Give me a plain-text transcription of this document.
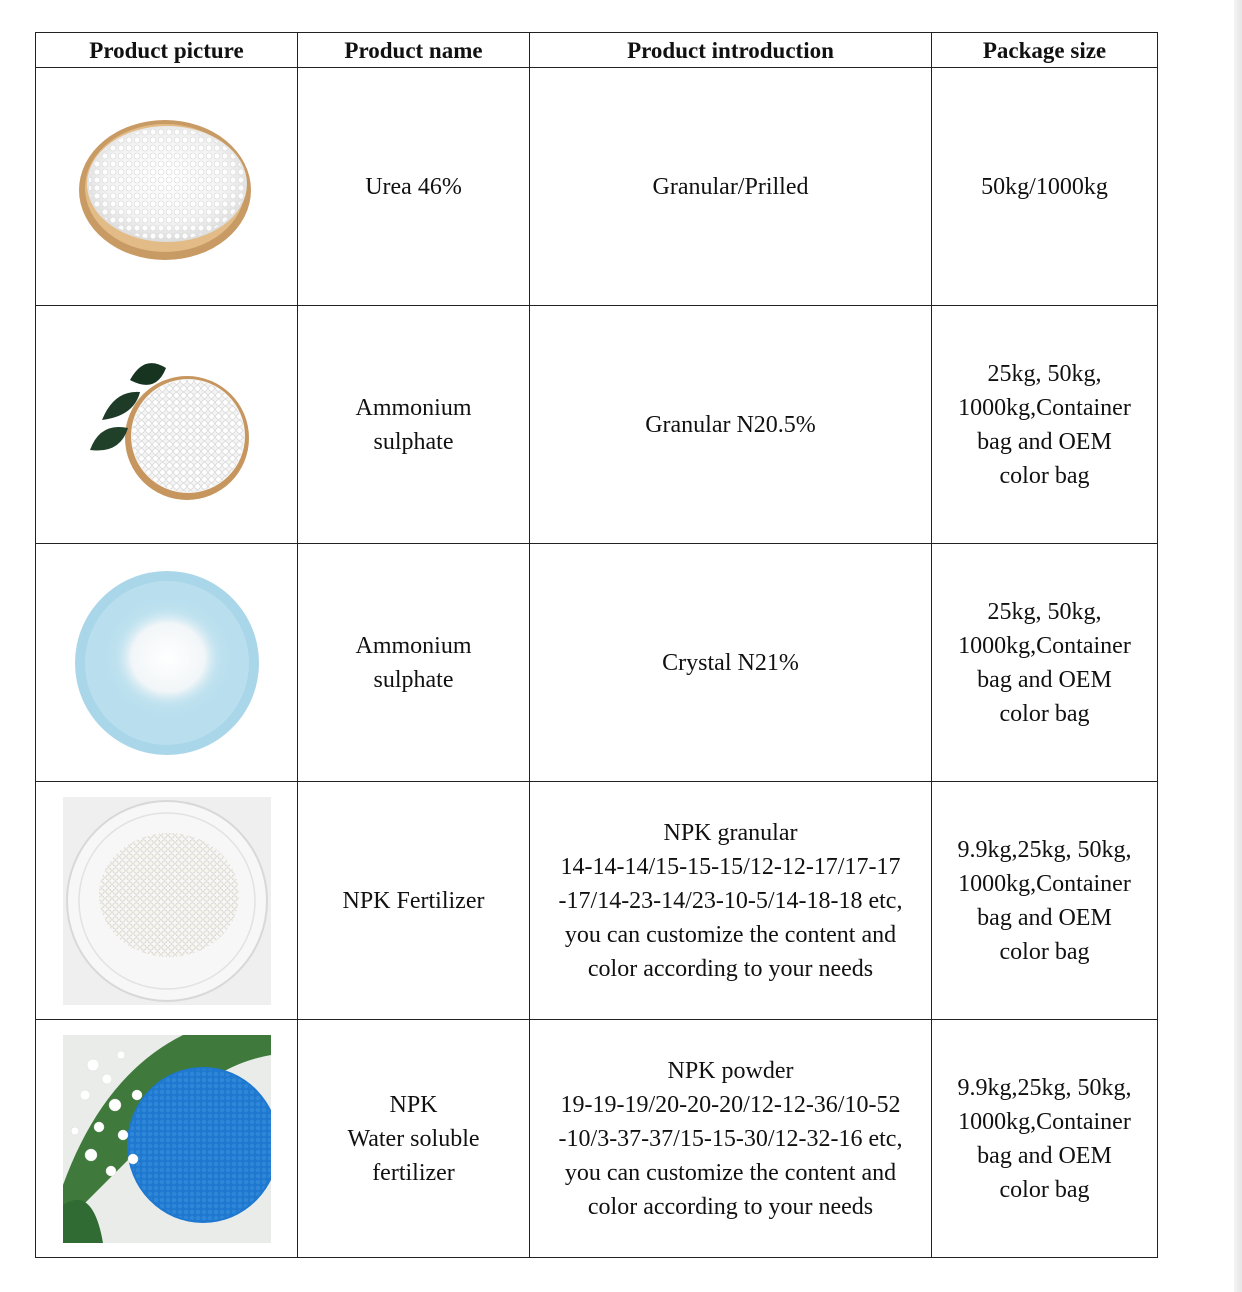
Product picture	Product name	Product introduction	Package size

	Urea 46%	Granular/Prilled	50kg/1000kg

	Ammonium
sulphate	Granular N20.5%	25kg, 50kg,
1000kg,Container
bag and OEM
color bag

	Ammonium
sulphate	Crystal N21%	25kg, 50kg,
1000kg,Container
bag and OEM
color bag

	NPK Fertilizer	NPK granular
14-14-14/15-15-15/12-12-17/17-17
-17/14-23-14/23-10-5/14-18-18 etc,
you can customize the content and
color according to your needs	9.9kg,25kg, 50kg,
1000kg,Container
bag and OEM
color bag

	NPK
Water soluble
fertilizer	NPK powder
19-19-19/20-20-20/12-12-36/10-52
-10/3-37-37/15-15-30/12-32-16 etc,
you can customize the content and
color according to your needs	9.9kg,25kg, 50kg,
1000kg,Container
bag and OEM
color bag
